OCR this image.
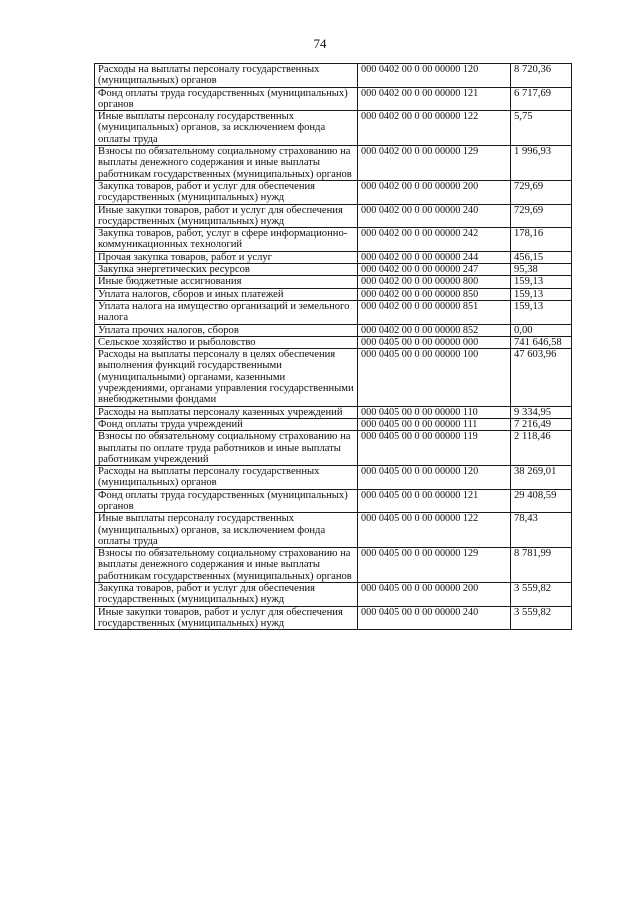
74
Расходы на выплаты персоналу государственных (муниципальных) органов	000 0402 00 0 00 00000 120	8 720,36
Фонд оплаты труда государственных (муниципальных) органов	000 0402 00 0 00 00000 121	6 717,69
Иные выплаты персоналу государственных (муниципальных) органов, за исключением фонда оплаты труда	000 0402 00 0 00 00000 122	5,75
Взносы по обязательному социальному страхованию на выплаты денежного содержания и иные выплаты работникам государственных (муниципальных) органов	000 0402 00 0 00 00000 129	1 996,93
Закупка товаров, работ и услуг для обеспечения государственных (муниципальных) нужд	000 0402 00 0 00 00000 200	729,69
Иные закупки товаров, работ и услуг для обеспечения государственных (муниципальных) нужд	000 0402 00 0 00 00000 240	729,69
Закупка товаров, работ, услуг в сфере информационно-коммуникационных технологий	000 0402 00 0 00 00000 242	178,16
Прочая закупка товаров, работ и услуг	000 0402 00 0 00 00000 244	456,15
Закупка энергетических ресурсов	000 0402 00 0 00 00000 247	95,38
Иные бюджетные ассигнования	000 0402 00 0 00 00000 800	159,13
Уплата налогов, сборов и иных платежей	000 0402 00 0 00 00000 850	159,13
Уплата налога на имущество организаций и земельного налога	000 0402 00 0 00 00000 851	159,13
Уплата прочих налогов, сборов	000 0402 00 0 00 00000 852	0,00
Сельское хозяйство и рыболовство	000 0405 00 0 00 00000 000	741 646,58
Расходы на выплаты персоналу в целях обеспечения выполнения функций государственными (муниципальными) органами, казенными учреждениями, органами управления государственными внебюджетными фондами	000 0405 00 0 00 00000 100	47 603,96
Расходы на выплаты персоналу казенных учреждений	000 0405 00 0 00 00000 110	9 334,95
Фонд оплаты труда учреждений	000 0405 00 0 00 00000 111	7 216,49
Взносы по обязательному социальному страхованию на выплаты по оплате труда работников и иные выплаты работникам учреждений	000 0405 00 0 00 00000 119	2 118,46
Расходы на выплаты персоналу государственных (муниципальных) органов	000 0405 00 0 00 00000 120	38 269,01
Фонд оплаты труда государственных (муниципальных) органов	000 0405 00 0 00 00000 121	29 408,59
Иные выплаты персоналу государственных (муниципальных) органов, за исключением фонда оплаты труда	000 0405 00 0 00 00000 122	78,43
Взносы по обязательному социальному страхованию на выплаты денежного содержания и иные выплаты работникам государственных (муниципальных) органов	000 0405 00 0 00 00000 129	8 781,99
Закупка товаров, работ и услуг для обеспечения государственных (муниципальных) нужд	000 0405 00 0 00 00000 200	3 559,82
Иные закупки товаров, работ и услуг для обеспечения государственных (муниципальных) нужд	000 0405 00 0 00 00000 240	3 559,82
